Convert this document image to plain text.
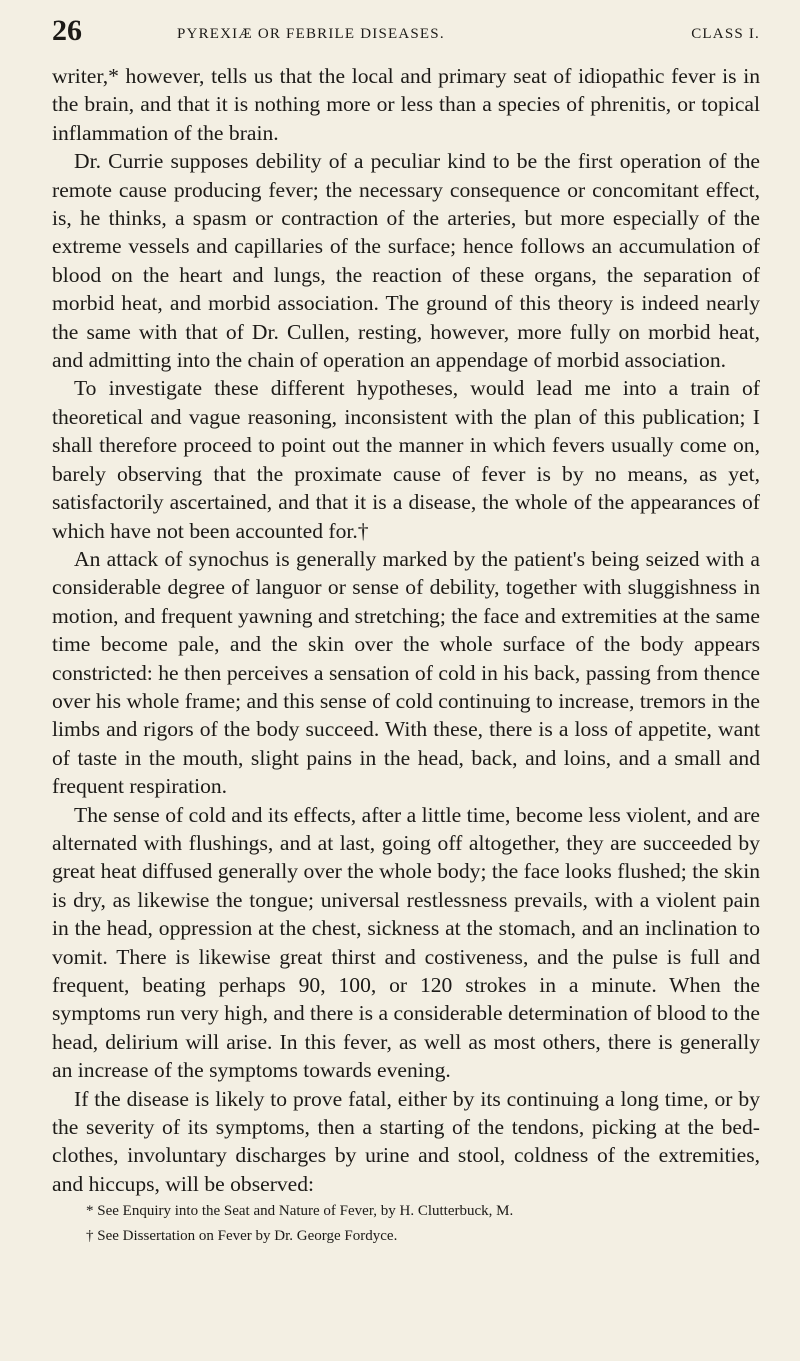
26	PYREXIÆ OR FEBRILE DISEASES.	CLASS I.

writer,* however, tells us that the local and primary seat of idiopathic fever is in the brain, and that it is nothing more or less than a species of phrenitis, or topical inflammation of the brain.

Dr. Currie supposes debility of a peculiar kind to be the first operation of the remote cause producing fever; the necessary consequence or concomitant effect, is, he thinks, a spasm or contraction of the arteries, but more especially of the extreme vessels and capillaries of the surface; hence follows an accumulation of blood on the heart and lungs, the reaction of these organs, the separation of morbid heat, and morbid association. The ground of this theory is indeed nearly the same with that of Dr. Cullen, resting, however, more fully on morbid heat, and admitting into the chain of operation an appendage of morbid association.

To investigate these different hypotheses, would lead me into a train of theoretical and vague reasoning, inconsistent with the plan of this publication; I shall therefore proceed to point out the manner in which fevers usually come on, barely observing that the proximate cause of fever is by no means, as yet, satisfactorily ascertained, and that it is a disease, the whole of the appearances of which have not been accounted for.†

An attack of synochus is generally marked by the patient's being seized with a considerable degree of languor or sense of debility, together with sluggishness in motion, and frequent yawning and stretching; the face and extremities at the same time become pale, and the skin over the whole surface of the body appears constricted: he then perceives a sensation of cold in his back, passing from thence over his whole frame; and this sense of cold continuing to increase, tremors in the limbs and rigors of the body succeed. With these, there is a loss of appetite, want of taste in the mouth, slight pains in the head, back, and loins, and a small and frequent respiration.

The sense of cold and its effects, after a little time, become less violent, and are alternated with flushings, and at last, going off altogether, they are succeeded by great heat diffused generally over the whole body; the face looks flushed; the skin is dry, as likewise the tongue; universal restlessness prevails, with a violent pain in the head, oppression at the chest, sickness at the stomach, and an inclination to vomit. There is likewise great thirst and costiveness, and the pulse is full and frequent, beating perhaps 90, 100, or 120 strokes in a minute. When the symptoms run very high, and there is a considerable determination of blood to the head, delirium will arise. In this fever, as well as most others, there is generally an increase of the symptoms towards evening.

If the disease is likely to prove fatal, either by its continuing a long time, or by the severity of its symptoms, then a starting of the tendons, picking at the bed-clothes, involuntary discharges by urine and stool, coldness of the extremities, and hiccups, will be observed:

* See Enquiry into the Seat and Nature of Fever, by H. Clutterbuck, M.

† See Dissertation on Fever by Dr. George Fordyce.
